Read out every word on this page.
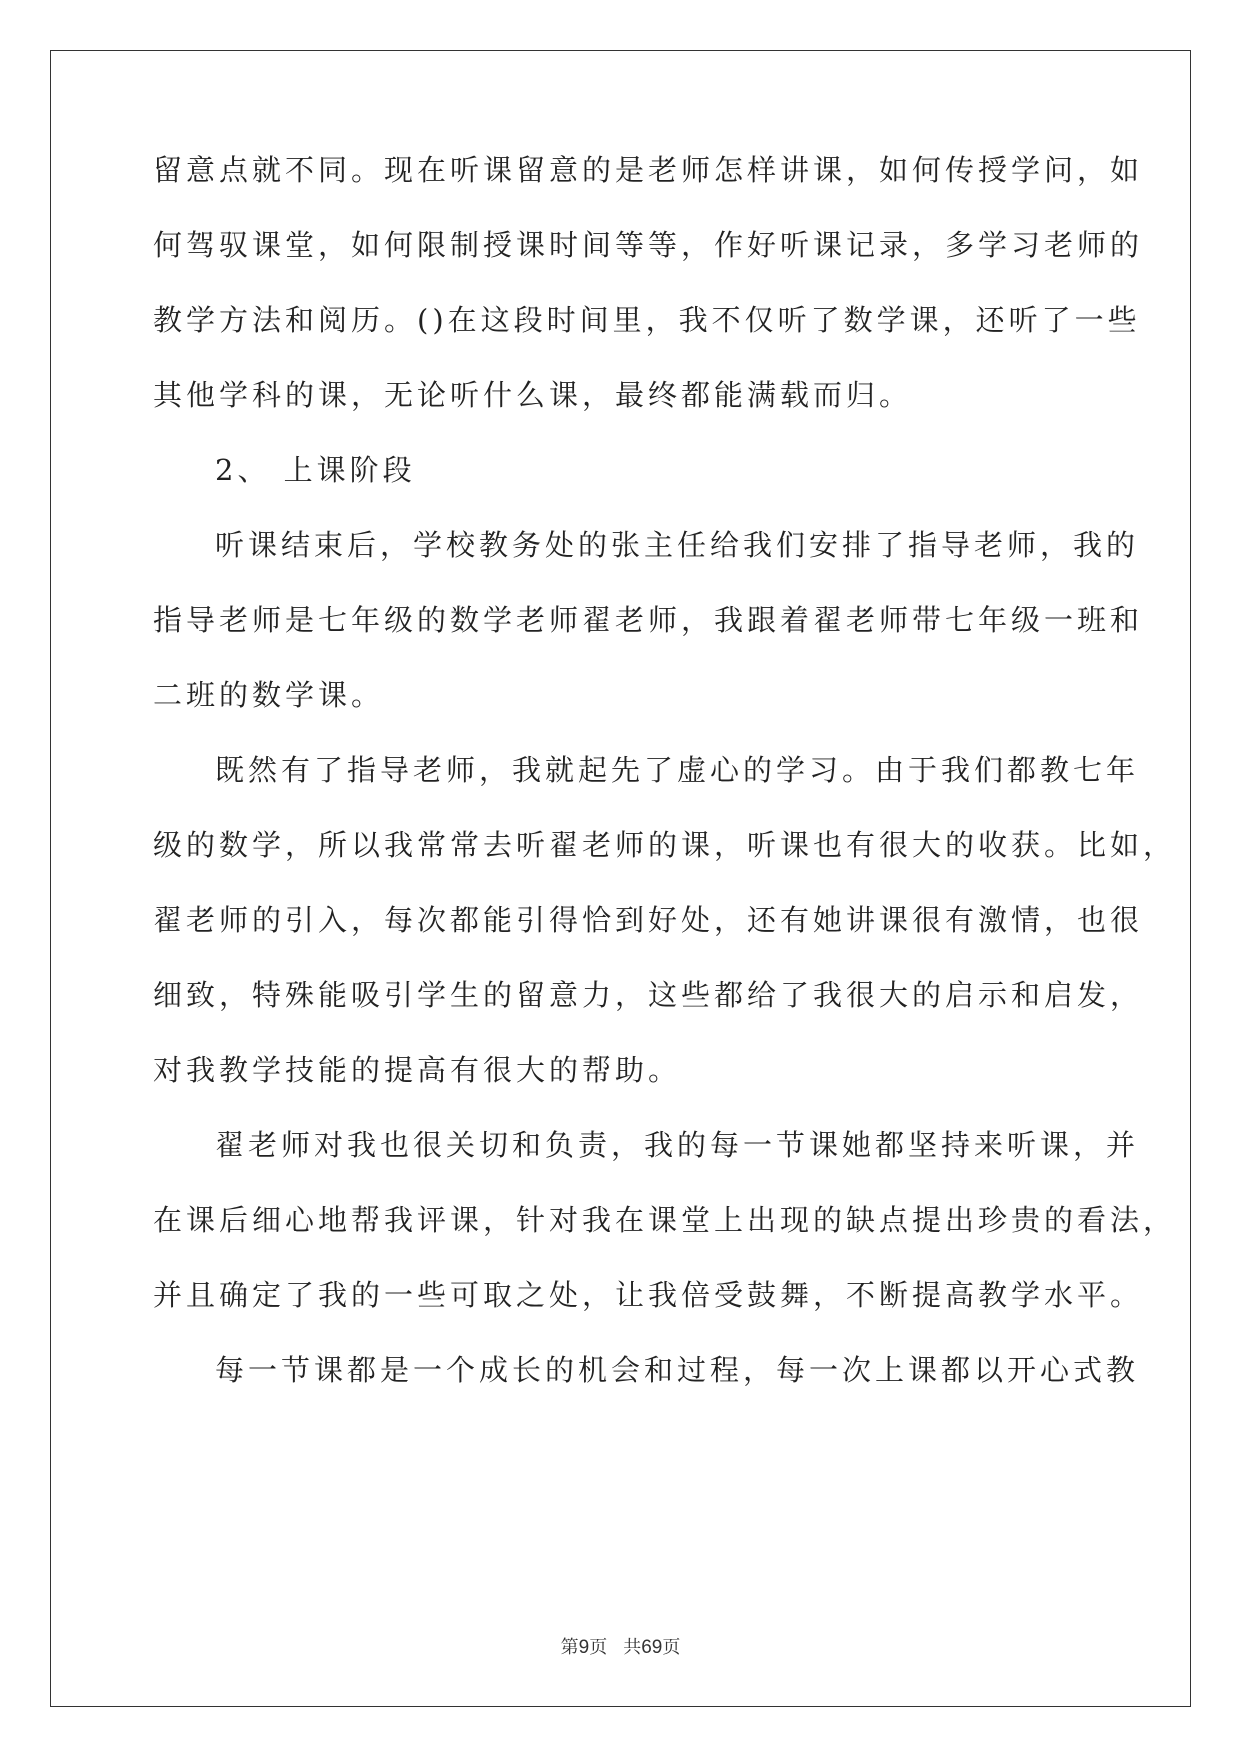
留意点就不同。现在听课留意的是老师怎样讲课，如何传授学问，如
何驾驭课堂，如何限制授课时间等等，作好听课记录，多学习老师的
教学方法和阅历。()在这段时间里，我不仅听了数学课，还听了一些
其他学科的课，无论听什么课，最终都能满载而归。
2、 上课阶段
听课结束后，学校教务处的张主任给我们安排了指导老师，我的
指导老师是七年级的数学老师翟老师，我跟着翟老师带七年级一班和
二班的数学课。
既然有了指导老师，我就起先了虚心的学习。由于我们都教七年
级的数学，所以我常常去听翟老师的课，听课也有很大的收获。比如，
翟老师的引入，每次都能引得恰到好处，还有她讲课很有激情，也很
细致，特殊能吸引学生的留意力，这些都给了我很大的启示和启发，
对我教学技能的提高有很大的帮助。
翟老师对我也很关切和负责，我的每一节课她都坚持来听课，并
在课后细心地帮我评课，针对我在课堂上出现的缺点提出珍贵的看法，
并且确定了我的一些可取之处，让我倍受鼓舞，不断提高教学水平。
每一节课都是一个成长的机会和过程，每一次上课都以开心式教
第9页 共69页
